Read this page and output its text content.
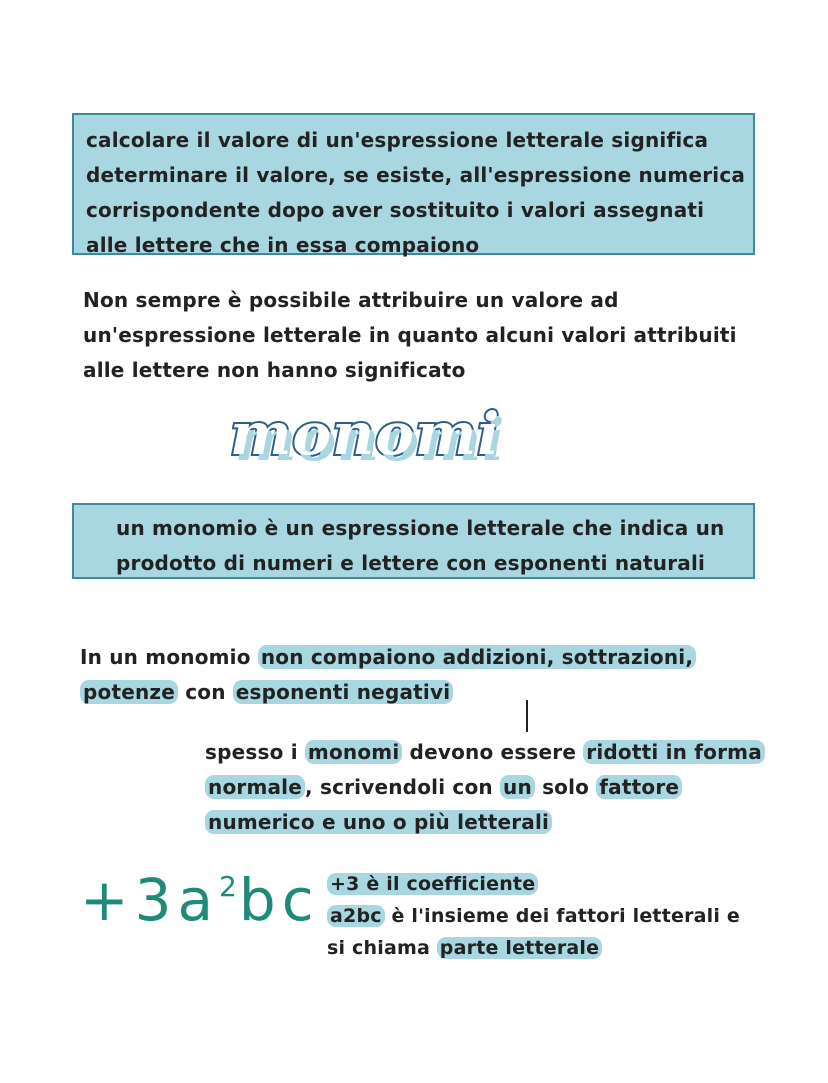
calcolare il valore di un'espressione letterale significa
determinare il valore, se esiste, all'espressione numerica
corrispondente dopo aver sostituito i valori assegnati
alle lettere che in essa compaiono

Non sempre è possibile attribuire un valore ad
un'espressione letterale in quanto alcuni valori attribuiti
alle lettere non hanno significato

monomi

un monomio è un espressione letterale che indica un
prodotto di numeri e lettere con esponenti naturali

In un monomio non compaiono addizioni, sottrazioni,
potenze con esponenti negativi

spesso i monomi devono essere ridotti in forma
normale , scrivendoli con un solo fattore
numerico e uno o più letterali

$+3a^2bc +3$ è il coefficiente
a2bc è l'insieme dei fattori letterali e
si chiama parte letterale
